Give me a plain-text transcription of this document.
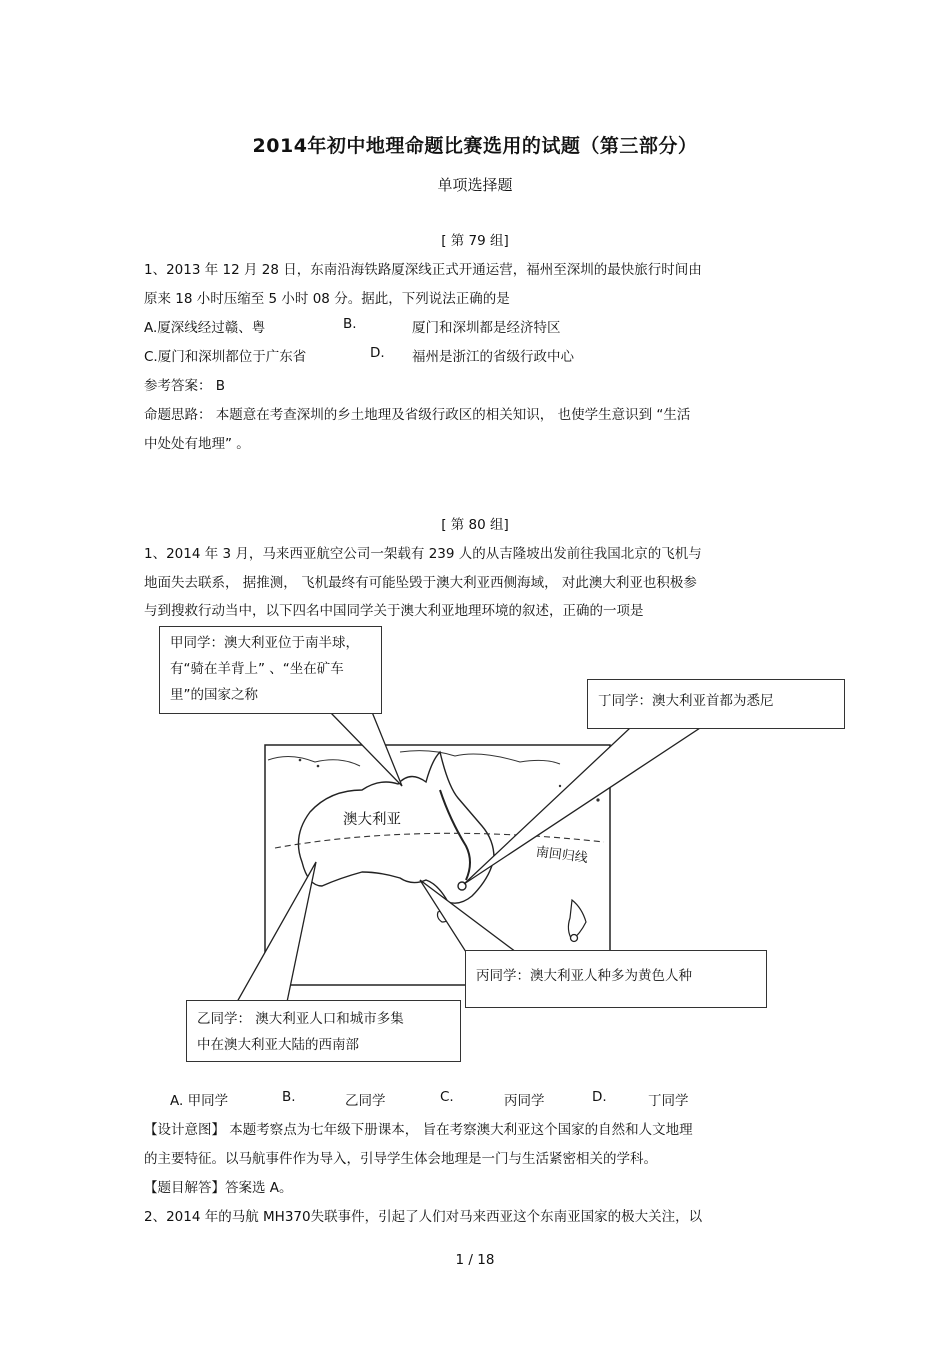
2014年初中地理命题比赛选用的试题（第三部分）
单项选择题
[ 第 79 组]
1、2013 年 12 月 28 日，东南沿海铁路厦深线正式开通运营，福州至深圳的最快旅行时间由
原来 18 小时压缩至 5 小时 08 分。据此，下列说法正确的是
A.厦深线经过赣、粤	B.	厦门和深圳都是经济特区
C.厦门和深圳都位于广东省	D. 福州是浙江的省级行政中心
参考答案： B
命题思路： 本题意在考查深圳的乡土地理及省级行政区的相关知识， 也使学生意识到 “生活
中处处有地理” 。
[ 第 80 组]
1、2014 年 3 月，马来西亚航空公司一架载有 239 人的从吉隆坡出发前往我国北京的飞机与
地面失去联系， 据推测， 飞机最终有可能坠毁于澳大利亚西侧海域， 对此澳大利亚也积极参
与到搜救行动当中，以下四名中国同学关于澳大利亚地理环境的叙述，正确的一项是
澳大利亚
南回归线
甲同学：澳大利亚位于南半球，
有“骑在羊背上” 、“坐在矿车
里”的国家之称	丁同学：澳大利亚首都为悉尼
丙同学：澳大利亚人种多为黄色人种
乙同学： 澳大利亚人口和城市多集
中在澳大利亚大陆的西南部
A. 甲同学	B.	乙同学	C.	丙同学	D.	丁同学
【设计意图】 本题考察点为七年级下册课本， 旨在考察澳大利亚这个国家的自然和人文地理
的主要特征。以马航事件作为导入，引导学生体会地理是一门与生活紧密相关的学科。
【题目解答】答案选 A。
2、2014 年的马航 MH370失联事件，引起了人们对马来西亚这个东南亚国家的极大关注，以
1 / 18
